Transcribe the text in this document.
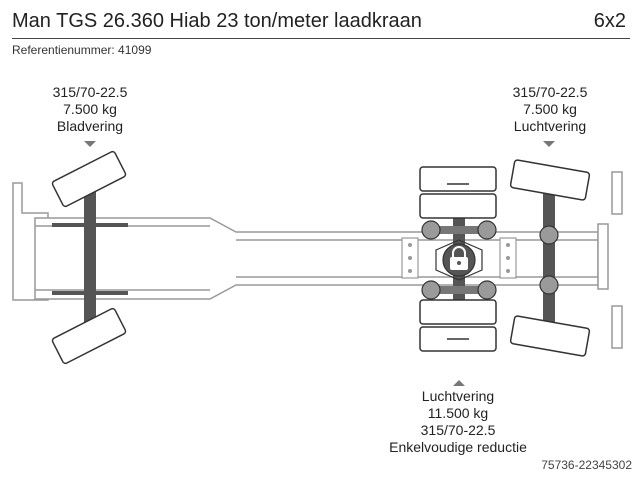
Man TGS 26.360 Hiab 23 ton/meter laadkraan	6x2
Referentienummer: 41099
315/70-22.5
7.500 kg
Bladvering
315/70-22.5
7.500 kg
Luchtvering
Luchtvering
11.500 kg
315/70-22.5
Enkelvoudige reductie
75736-22345302
